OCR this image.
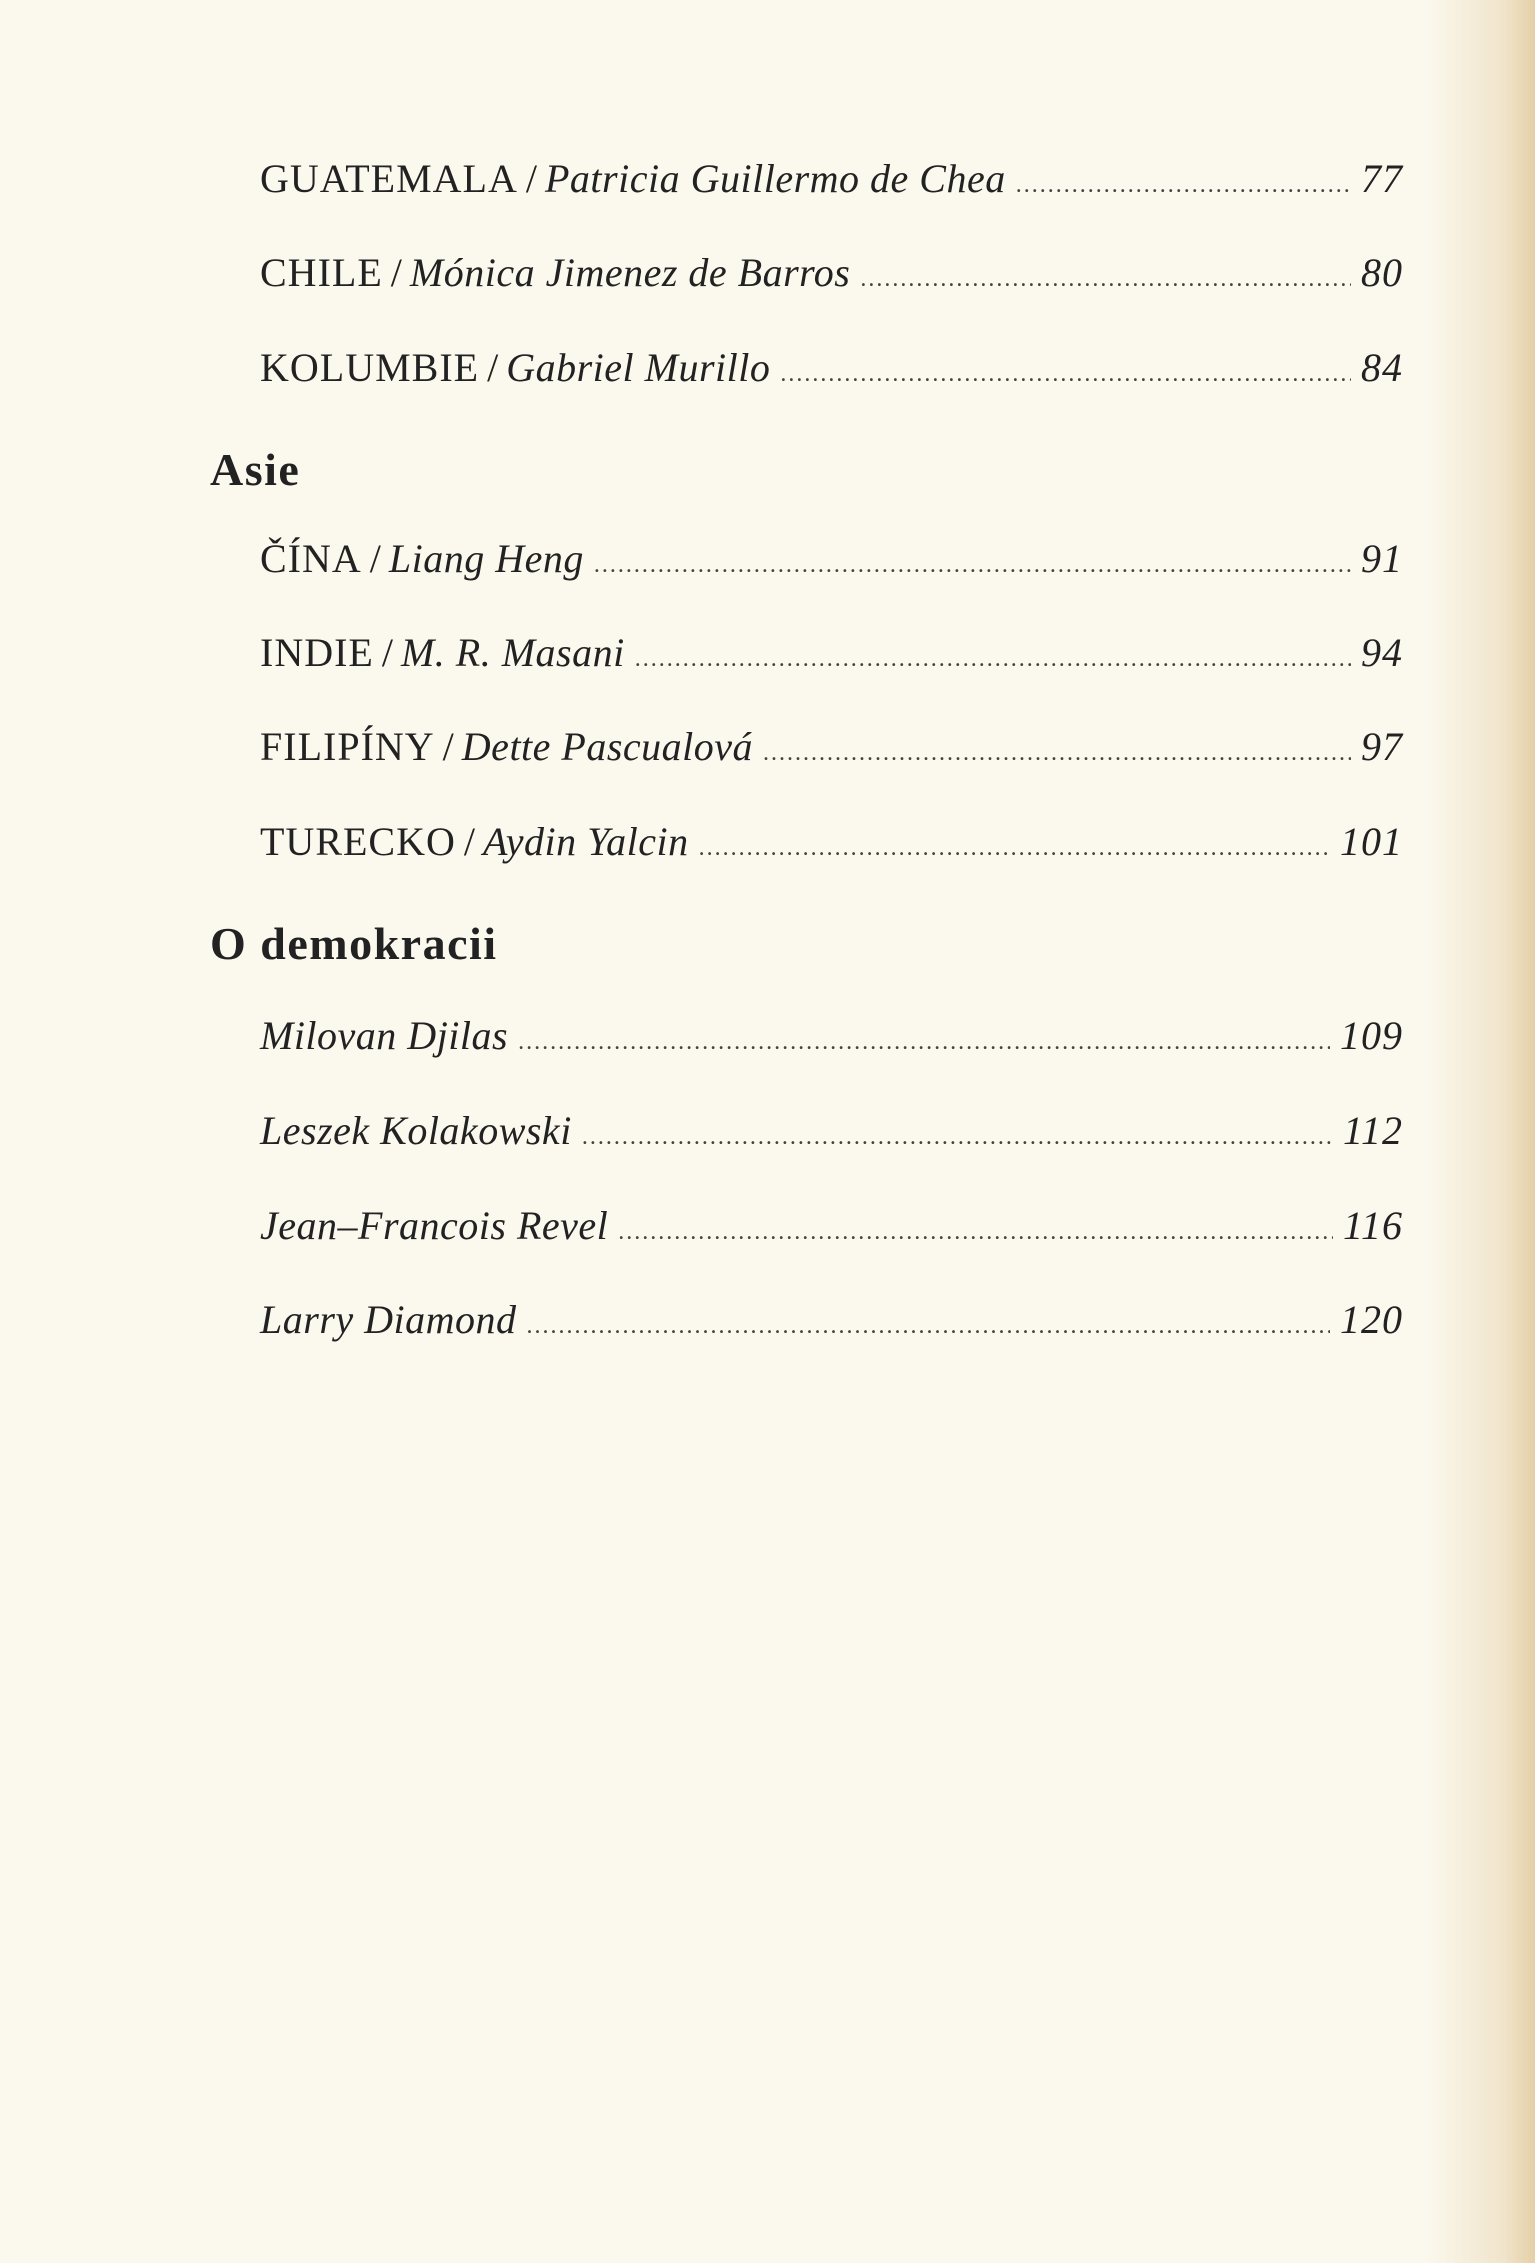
GUATEMALA / Patricia Guillermo de Chea .....	77
CHILE / Mónica Jimenez de Barros .....	80
KOLUMBIE / Gabriel Murillo .....	84
Asie
ČÍNA / Liang Heng .....	91
INDIE / M. R. Masani .....	94
FILIPÍNY / Dette Pascualová .....	97
TURECKO / Aydin Yalcin .....	101
O demokracii
Milovan Djilas .....	109
Leszek Kolakowski .....	112
Jean–Francois Revel .....	116
Larry Diamond .....	120
